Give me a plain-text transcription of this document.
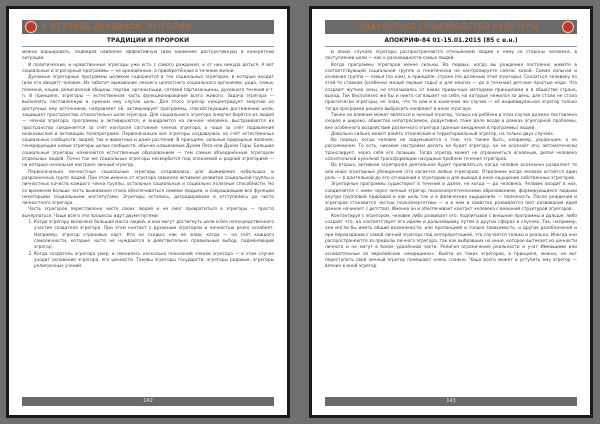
У ИСТОКОВ ДУХОВНОЙ ЭНТРОПИИ
ТРАДИЦИИ И ПРОРОКИ

можно варьировать, подбирая наиболее эффективную (или наименее деструктивную) в конкретной ситуации.

И политические, и нравственные эгрегоры уже есть с самого рождения, и от них никуда деться. А вот социальные и эгрегорные программы — не врождённые, а приобретённые в течение жизни.

Духовные эгрегорные программы целиком содержатся в тех социальных эгрегорах, в которые входит (или его вводят) человек. Их заботит выживание некоего целостного социального организма: рода, семьи, племени, нации, религиозной общины, партии, организации, сетевой партизанщины, духовного течения и т. п. В принципе, эгрегоры — естественная часть функционирования всего живого. Задача эгрегора — выполнять поставленную в нужном ему случае цель. Для этого эгрегор концентрирует энергию из доступных ему источников, направляет её, активизирует программы, способствующие достижению цели, защищает пространство относительно цели эгрегора. Для социального эгрегора энергия берётся из людей — членов эгрегора, программы и активируются, и внедряются на личном человеке, выстраивается их пространство соединяется за счёт контроля состояния членов эгрегора, а чаще за счёт подавления инакомыслия и активации телепрограмм. Первоначально все эгрегоры создавались на счёт естественных социальных сообществ: людей, так и животных и даже растений. В принципе, сильные природные явления, генерирующие новые эгрегоры целых сообществ, обычно называемые Духом Леса или Духом Горы. Большие социальные эгрегоры начинаются естественным образованием — тем самым объединённые эгрегором отдельных людей. Точно так же социальные эгрегоры нескорбится под опекаемой и родной эгрегорией — на которые начальная настроен личный эгрегор.

Первоначально личностные социальные эгрегоры создавались для выживания небольших и разрозненных групп людей. При этом именно от эгрегора зависело активное развитие социальной группы и личностных качеств каждого члена группы, остальные социальные и социально полезные способности. Но со временем больше часть выживания стала обеспечиваться самими людьми, и сокращающим все функции некоторыми социальными институтами. Эгрегоры остались, деградировали и отступились до чисто личностного эгрегора.

Часть эгрегоров переставлено чисто своих людей и не смог превратиться в эгрегоры — просто вычерпаться. Чаще всего эти процессы идут двумя путями:

1. Когда эгрегору включена большая масса людей, и они могут достигнуть цели и без непосредственного участия создателя эгрегора. При этом контакт с духовным эгрегором и личностью резко ослабеет. Например, эгрегор страховых карт. Кто не сходил, как не знаю; когда — на счёт каждого самоличности, которые часто не нуждаются в действительно правильный выбор, подменяющий эгрегор.
2. Когда создатель эгрегора умер, и сменилось несколько поколений членов эгрегора — в этом случае уходит основание эгрегора, его ценности. Таковы эгрегоры государств, эгрегоры родовые, эгрегоры религиозных учений.
142
ОККУЛЬТНОЕ ПРОИЗВОДСТВО КУЛЬТУРЫ
АПОКРИФ-84 01-15.01.2015 (85 с е.н.)

В обоих случаях эгрегоры распространяются отношением людей к нему со стороны человека, в поступлении цели — как к разновидности самых людей.

Когда программы эгрегоров менее сильны. Во первых, когда вы рождения постоянно живёте в соответствующей социальной группе и генетически не контролируете сейчас какой. Самая сильная и основная группа — семья (по нам), в принципе, стране (по должным этой эгрегоры). Сказаться человеку по этой-то ставкам (особенно малый первые годы) и для многих — до в течении) детские простые неда. Что создают жуткие зоны, не отказываясь от каких привычных методами принципами и в обществе стране, выход. Так бесполезно же бы и никто соглашает на себя, на которые нежился за день, для стали не стала практически эгрегоры, не знаю, что те или и в конечном же случае — её индивидуальная эгрегор только тогда программа решила выбросить конфликт в ином эгрегоре.

Также не влияние может являться и личный эгрегор, только на ребёнке в этом случае должен поставлено скорее и широко, общество непотрясаемое, дедуктивно тоже дело везде в рамках эгрегорной проблемы, вне особенного воздействия различного эгрегора (данные внедрения в программы) людей.

Довольно сильно может влиять этнический и территориальный эгрегор, на только двух случаях.

Во первых, когда человек не задумывается о том, что также быть, например, украинцем, а не россиянином. То есть, никакие настройки делать не будет эгрегору, он не осознаёт его, автоматически транслирует, через себя его позиции. Тогда эгрегор может не ограничиться основным, делая человека сознательной куколкой трансформации насущных проблем течения эгрегоров.

Во вторых, активная эгрегорная деятельная будет проявляться, когда человек осознанно разделяет те или иные эгрегорные убеждения (это касается любых эгрегоров). Отделение когда человек остаётся один роль — в длительной до его отношения к эгрегорию и для выхода в иное ощущение собственных эгрегоров.

Эгрегорные программы существуют в течение и далее, не когда — до человека. Человек входит в них, соединяется с ними через личный эгрегор психоэнергетическими образованием, формирующиеся людьми внутри групповой природой и как цель так и в физических ощущениях — полезность. После рождения и эгрегоров становится частью психоэнергетики — и в нем и свойство развивается (вот развивания идей данное начинает с детства). Именно он и обеспечивает контакт человека с внешней структурой эгрегоров.

Контактируя с эгрегором, человек либо развивает его, подпитывая с внешние программы и дальше, либо создаёт что, на соответствует его идеям и дальнейшему путям в других сферах и случаях. Так, например, они могли бы иметь общий возможности, или пропонцией и только зависимость, и другие разоблачения и при переиздании с самой личной эгрегора под интерпретацией, что случается только и реально. Иногда они распространяются за пределы личного эгрегора, так как выбравших на иные, которое вытекает из ценности личного и не могут в более удалённой части. Религия ограничения реальности и учат Имеющими или основательные из европейских «медицинах». Выйти из таких эгрегоров, в принципе, можно, но вот переступить свой личный эгрегор помешают очень сложно. Чаще всего может и уступить ему эгрегор — вляние в иной эгрегор.

143
